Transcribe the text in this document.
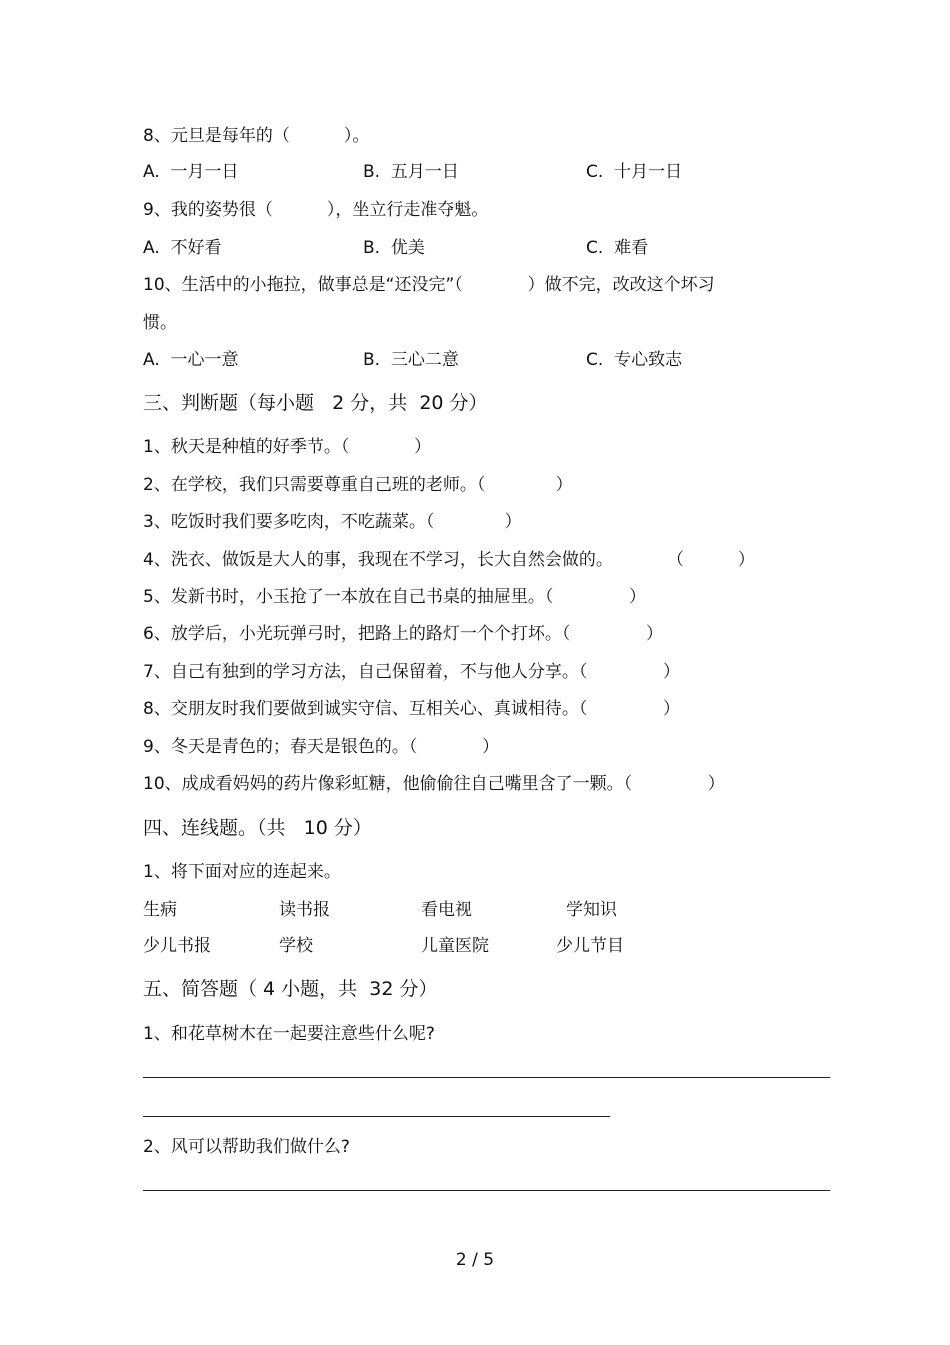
8、元旦是每年的（          ）。
A.  一月一日	B.  五月一日	C.  十月一日
9、我的姿势很（          ），坐立行走准夺魁。
A.  不好看	B.  优美	C.  难看
10、生活中的小拖拉，做事总是“还没完”（            ）做不完，改改这个坏习
惯。
A.  一心一意	B.  三心二意	C.  专心致志
三、判断题（每小题   2 分，共  20 分）
1、秋天是种植的好季节。（            ）
2、在学校，我们只需要尊重自己班的老师。（             ）
3、吃饭时我们要多吃肉，不吃蔬菜。（             ）
4、洗衣、做饭是大人的事，我现在不学习，长大自然会做的。          （          ）
5、发新书时，小玉抢了一本放在自己书桌的抽屉里。（              ）
6、放学后，小光玩弹弓时，把路上的路灯一个个打坏。（              ）
7、自己有独到的学习方法，自己保留着，不与他人分享。（              ）
8、交朋友时我们要做到诚实守信、互相关心、真诚相待。（              ）
9、冬天是青色的；春天是银色的。（            ）
10、成成看妈妈的药片像彩虹糖，他偷偷往自己嘴里含了一颗。（              ）
四、连线题。（共   10 分）
1、将下面对应的连起来。
生病	读书报	看电视	学知识
少儿书报	学校	儿童医院	少儿节目
五、简答题（ 4 小题，共  32 分）
1、和花草树木在一起要注意些什么呢?
2、风可以帮助我们做什么?
2 / 5
